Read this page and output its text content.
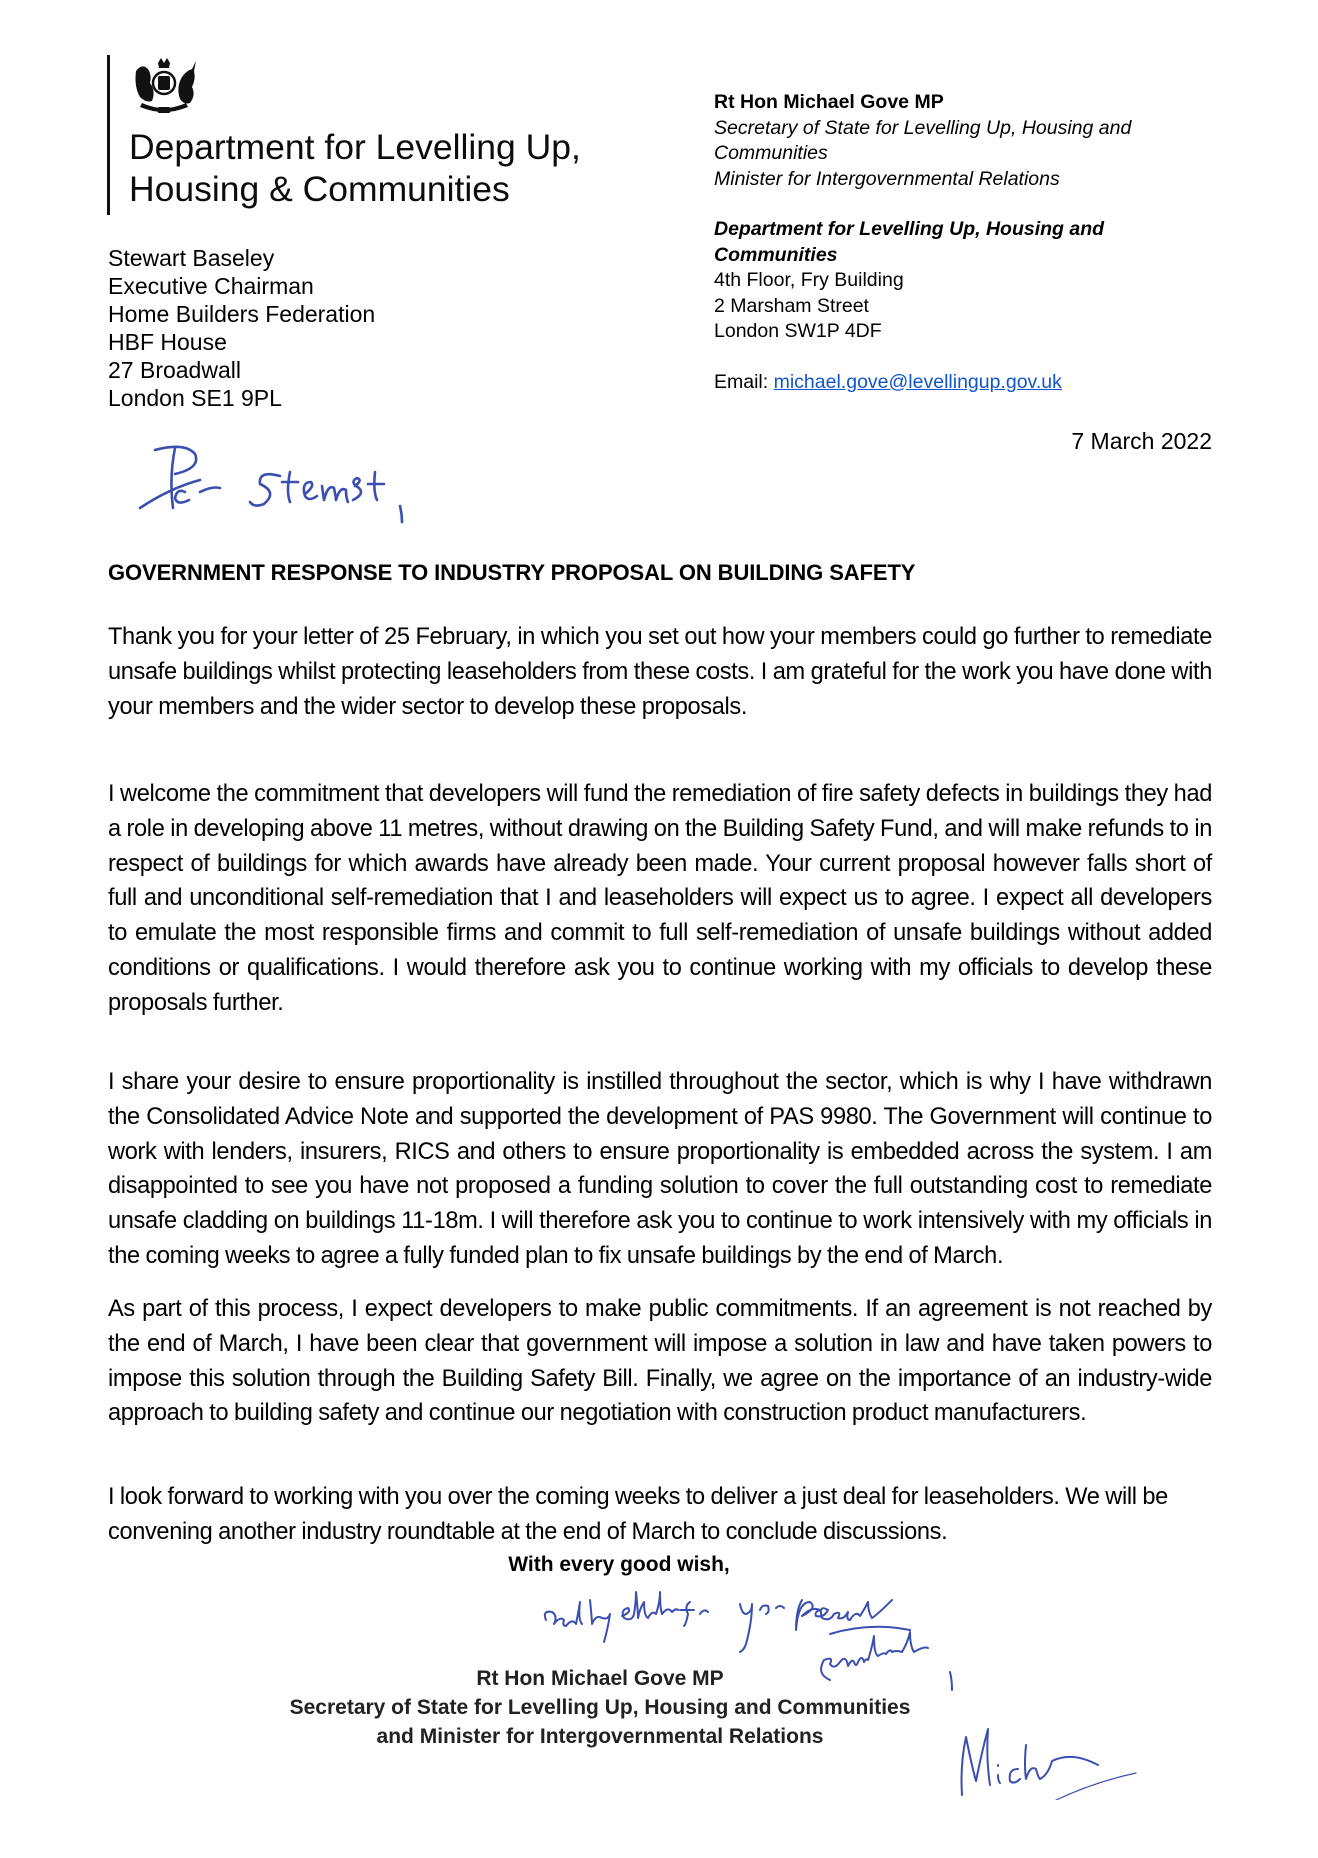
Department for Levelling Up,
Housing & Communities
Rt Hon Michael Gove MP
Secretary of State for Levelling Up, Housing and
Communities
Minister for Intergovernmental Relations
Department for Levelling Up, Housing and
Communities
4th Floor, Fry Building
2 Marsham Street
London SW1P 4DF
Email: michael.gove@levellingup.gov.uk
Stewart Baseley
Executive Chairman
Home Builders Federation
HBF House
27 Broadwall
London SE1 9PL
7 March 2022
GOVERNMENT RESPONSE TO INDUSTRY PROPOSAL ON BUILDING SAFETY
Thank you for your letter of 25 February, in which you set out how your members could go further to remediate unsafe buildings whilst protecting leaseholders from these costs. I am grateful for the work you have done with your members and the wider sector to develop these proposals.
I welcome the commitment that developers will fund the remediation of fire safety defects in buildings they had a role in developing above 11 metres, without drawing on the Building Safety Fund, and will make refunds to in respect of buildings for which awards have already been made. Your current proposal however falls short of full and unconditional self-remediation that I and leaseholders will expect us to agree. I expect all developers to emulate the most responsible firms and commit to full self-remediation of unsafe buildings without added conditions or qualifications. I would therefore ask you to continue working with my officials to develop these proposals further.
I share your desire to ensure proportionality is instilled throughout the sector, which is why I have withdrawn the Consolidated Advice Note and supported the development of PAS 9980. The Government will continue to work with lenders, insurers, RICS and others to ensure proportionality is embedded across the system. I am disappointed to see you have not proposed a funding solution to cover the full outstanding cost to remediate unsafe cladding on buildings 11-18m. I will therefore ask you to continue to work intensively with my officials in the coming weeks to agree a fully funded plan to fix unsafe buildings by the end of March.
As part of this process, I expect developers to make public commitments. If an agreement is not reached by the end of March, I have been clear that government will impose a solution in law and have taken powers to impose this solution through the Building Safety Bill. Finally, we agree on the importance of an industry-wide approach to building safety and continue our negotiation with construction product manufacturers.
I look forward to working with you over the coming weeks to deliver a just deal for leaseholders. We will be convening another industry roundtable at the end of March to conclude discussions.
With every good wish,
Rt Hon Michael Gove MP
Secretary of State for Levelling Up, Housing and Communities
and Minister for Intergovernmental Relations
